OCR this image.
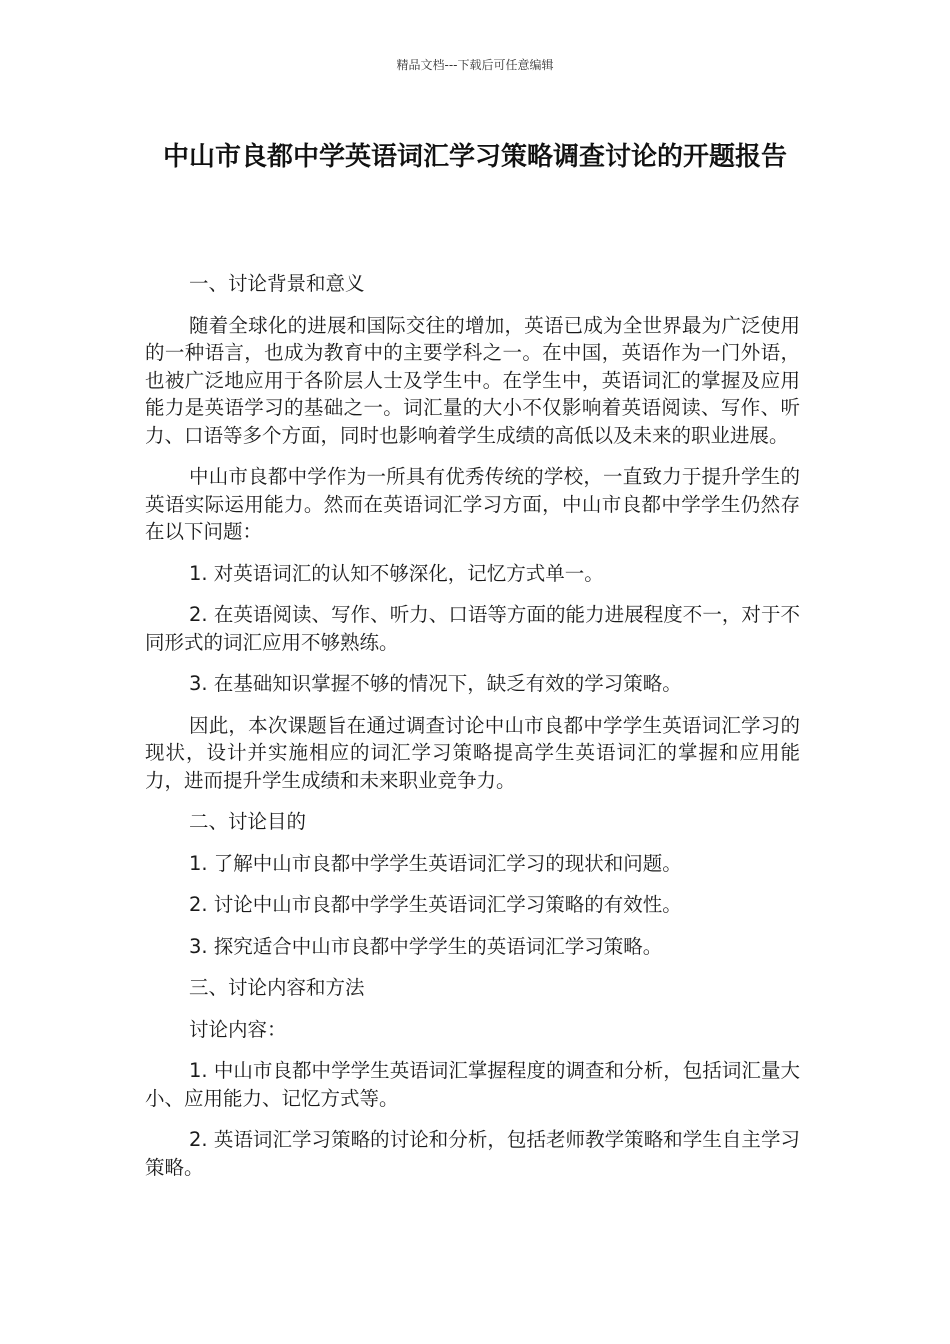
精品文档---下载后可任意编辑
中山市良都中学英语词汇学习策略调查讨论的开题报告

一、讨论背景和意义

随着全球化的进展和国际交往的增加，英语已成为全世界最为广泛使用的一种语言，也成为教育中的主要学科之一。在中国，英语作为一门外语，也被广泛地应用于各阶层人士及学生中。在学生中，英语词汇的掌握及应用能力是英语学习的基础之一。词汇量的大小不仅影响着英语阅读、写作、听力、口语等多个方面，同时也影响着学生成绩的高低以及未来的职业进展。

中山市良都中学作为一所具有优秀传统的学校，一直致力于提升学生的英语实际运用能力。然而在英语词汇学习方面，中山市良都中学学生仍然存在以下问题：

1. 对英语词汇的认知不够深化，记忆方式单一。

2. 在英语阅读、写作、听力、口语等方面的能力进展程度不一，对于不同形式的词汇应用不够熟练。

3. 在基础知识掌握不够的情况下，缺乏有效的学习策略。

因此，本次课题旨在通过调查讨论中山市良都中学学生英语词汇学习的现状，设计并实施相应的词汇学习策略提高学生英语词汇的掌握和应用能力，进而提升学生成绩和未来职业竞争力。

二、讨论目的

1. 了解中山市良都中学学生英语词汇学习的现状和问题。

2. 讨论中山市良都中学学生英语词汇学习策略的有效性。

3. 探究适合中山市良都中学学生的英语词汇学习策略。

三、讨论内容和方法

讨论内容：

1. 中山市良都中学学生英语词汇掌握程度的调查和分析，包括词汇量大小、应用能力、记忆方式等。

2. 英语词汇学习策略的讨论和分析，包括老师教学策略和学生自主学习策略。
